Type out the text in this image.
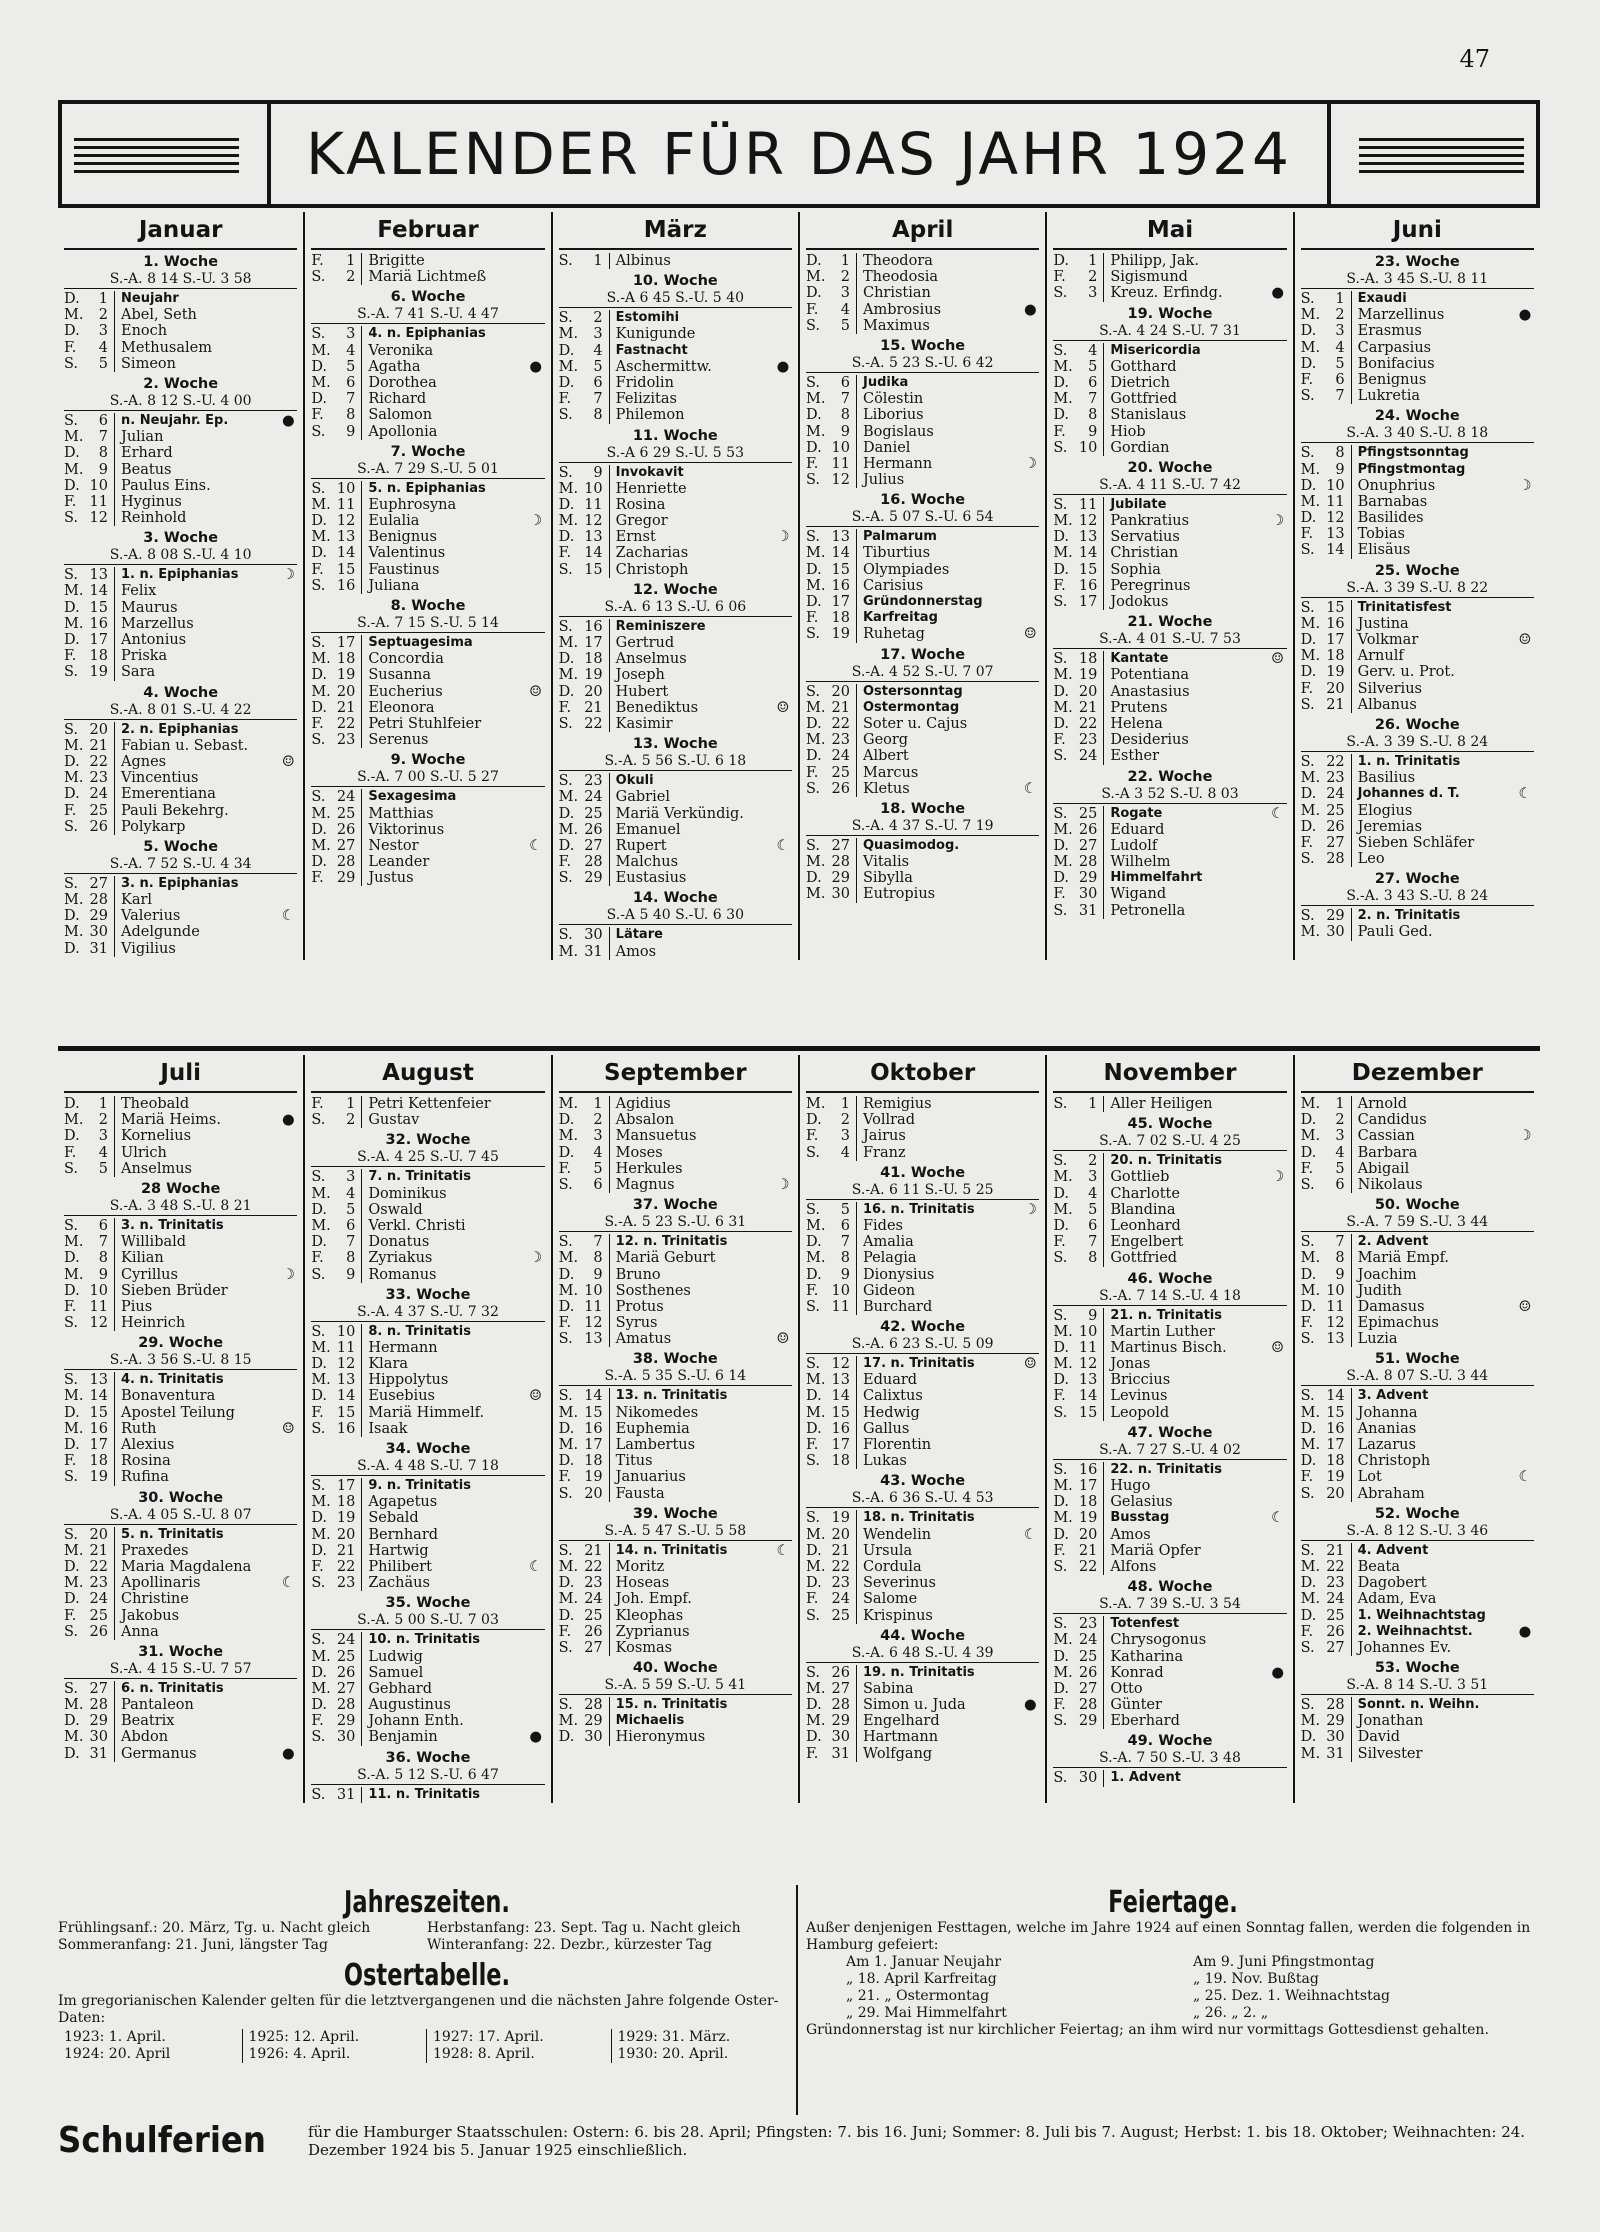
47
KALENDER FÜR DAS JAHR 1924
Januar
1. Woche
S.-A. 8 14 S.-U. 3 58
D.	1	Neujahr
M.	2 Abel, Seth
D.	3 Enoch
F.	4 Methusalem
S.	5 Simeon
2. Woche
S.-A. 8 12 S.-U. 4 00
S.	6	n. Neujahr. Ep.	●
M.	7 Julian
D.	8 Erhard
M.	9 Beatus
D. 10 Paulus Eins.
F. 11 Hyginus
S. 12 Reinhold
3. Woche
S.-A. 8 08 S.-U. 4 10
S. 13	1. n. Epiphanias	☽
M. 14 Felix
D. 15 Maurus
M. 16 Marzellus
D. 17 Antonius
F. 18 Priska
S. 19 Sara
4. Woche
S.-A. 8 01 S.-U. 4 22
S. 20	2. n. Epiphanias
M. 21 Fabian u. Sebast.
D. 22 Agnes	☺
M. 23 Vincentius
D. 24 Emerentiana
F. 25 Pauli Bekehrg.
S. 26 Polykarp
5. Woche
S.-A. 7 52 S.-U. 4 34
S. 27	3. n. Epiphanias
M. 28 Karl
D. 29 Valerius	☾
M. 30 Adelgunde
D. 31 Vigilius
Februar
F.	1 Brigitte
S.	2 Mariä Lichtmeß
6. Woche
S.-A. 7 41 S.-U. 4 47
S.	3	4. n. Epiphanias
M.	4 Veronika
D.	5 Agatha	●
M.	6 Dorothea
D.	7 Richard
F.	8 Salomon
S.	9 Apollonia
7. Woche
S.-A. 7 29 S.-U. 5 01
S. 10	5. n. Epiphanias
M. 11 Euphrosyna
D. 12 Eulalia	☽
M. 13 Benignus
D. 14 Valentinus
F. 15 Faustinus
S. 16 Juliana
8. Woche
S.-A. 7 15 S.-U. 5 14
S. 17	Septuagesima
M. 18 Concordia
D. 19 Susanna
M. 20 Eucherius	☺
D. 21 Eleonora
F. 22 Petri Stuhlfeier
S. 23 Serenus
9. Woche
S.-A. 7 00 S.-U. 5 27
S. 24	Sexagesima
M. 25 Matthias
D. 26 Viktorinus
M. 27 Nestor	☾
D. 28 Leander
F. 29 Justus
März
S.	1 Albinus
10. Woche
S.-A 6 45 S.-U. 5 40
S.	2	Estomihi
M.	3 Kunigunde
D.	4	Fastnacht
M.	5 Aschermittw.	●
D.	6 Fridolin
F.	7 Felizitas
S.	8 Philemon
11. Woche
S.-A 6 29 S.-U. 5 53
S.	9	Invokavit
M. 10 Henriette
D. 11 Rosina
M. 12 Gregor
D. 13 Ernst	☽
F. 14 Zacharias
S. 15 Christoph
12. Woche
S.-A. 6 13 S.-U. 6 06
S. 16	Reminiszere
M. 17 Gertrud
D. 18 Anselmus
M. 19 Joseph
D. 20 Hubert
F. 21 Benediktus	☺
S. 22 Kasimir
13. Woche
S.-A. 5 56 S.-U. 6 18
S. 23	Okuli
M. 24 Gabriel
D. 25 Mariä Verkündig.
M. 26 Emanuel
D. 27 Rupert	☾
F. 28 Malchus
S. 29 Eustasius
14. Woche
S.-A 5 40 S.-U. 6 30
S. 30	Lätare
M. 31 Amos
April
D.	1 Theodora
M.	2 Theodosia
D.	3 Christian
F.	4 Ambrosius	●
S.	5 Maximus
15. Woche
S.-A. 5 23 S.-U. 6 42
S.	6	Judika
M.	7 Cölestin
D.	8 Liborius
M.	9 Bogislaus
D. 10 Daniel
F. 11 Hermann	☽
S. 12 Julius
16. Woche
S.-A. 5 07 S.-U. 6 54
S. 13	Palmarum
M. 14 Tiburtius
D. 15 Olympiades
M. 16 Carisius
D. 17	Gründonnerstag
F. 18	Karfreitag
S. 19 Ruhetag	☺
17. Woche
S.-A. 4 52 S.-U. 7 07
S. 20	Ostersonntag
M. 21	Ostermontag
D. 22 Soter u. Cajus
M. 23 Georg
D. 24 Albert
F. 25 Marcus
S. 26 Kletus	☾
18. Woche
S.-A. 4 37 S.-U. 7 19
S. 27	Quasimodog.
M. 28 Vitalis
D. 29 Sibylla
M. 30 Eutropius
Mai
D.	1 Philipp, Jak.
F.	2 Sigismund
S.	3 Kreuz. Erfindg.	●
19. Woche
S.-A. 4 24 S.-U. 7 31
S.	4	Misericordia
M.	5 Gotthard
D.	6 Dietrich
M.	7 Gottfried
D.	8 Stanislaus
F.	9 Hiob
S. 10 Gordian
20. Woche
S.-A. 4 11 S.-U. 7 42
S. 11	Jubilate
M. 12 Pankratius	☽
D. 13 Servatius
M. 14 Christian
D. 15 Sophia
F. 16 Peregrinus
S. 17 Jodokus
21. Woche
S.-A. 4 01 S.-U. 7 53
S. 18	Kantate	☺
M. 19 Potentiana
D. 20 Anastasius
M. 21 Prutens
D. 22 Helena
F. 23 Desiderius
S. 24 Esther
22. Woche
S.-A 3 52 S.-U. 8 03
S. 25	Rogate	☾
M. 26 Eduard
D. 27 Ludolf
M. 28 Wilhelm
D. 29	Himmelfahrt
F. 30 Wigand
S. 31 Petronella
Juni
23. Woche
S.-A. 3 45 S.-U. 8 11
S.	1	Exaudi
M.	2 Marzellinus	●
D.	3 Erasmus
M.	4 Carpasius
D.	5 Bonifacius
F.	6 Benignus
S.	7 Lukretia
24. Woche
S.-A. 3 40 S.-U. 8 18
S.	8	Pfingstsonntag
M.	9	Pfingstmontag
D. 10 Onuphrius	☽
M. 11 Barnabas
D. 12 Basilides
F. 13 Tobias
S. 14 Elisäus
25. Woche
S.-A. 3 39 S.-U. 8 22
S. 15	Trinitatisfest
M. 16 Justina
D. 17 Volkmar	☺
M. 18 Arnulf
D. 19 Gerv. u. Prot.
F. 20 Silverius
S. 21 Albanus
26. Woche
S.-A. 3 39 S.-U. 8 24
S. 22	1. n. Trinitatis
M. 23 Basilius
D. 24	Johannes d. T.	☾
M. 25 Elogius
D. 26 Jeremias
F. 27 Sieben Schläfer
S. 28 Leo
27. Woche
S.-A. 3 43 S.-U. 8 24
S. 29	2. n. Trinitatis
M. 30 Pauli Ged.
Juli
D.	1 Theobald
M.	2 Mariä Heims.	●
D.	3 Kornelius
F.	4 Ulrich
S.	5 Anselmus
28 Woche
S.-A. 3 48 S.-U. 8 21
S.	6	3. n. Trinitatis
M.	7 Willibald
D.	8 Kilian
M.	9 Cyrillus	☽
D. 10 Sieben Brüder
F. 11 Pius
S. 12 Heinrich
29. Woche
S.-A. 3 56 S.-U. 8 15
S. 13	4. n. Trinitatis
M. 14 Bonaventura
D. 15 Apostel Teilung
M. 16 Ruth	☺
D. 17 Alexius
F. 18 Rosina
S. 19 Rufina
30. Woche
S.-A. 4 05 S.-U. 8 07
S. 20	5. n. Trinitatis
M. 21 Praxedes
D. 22 Maria Magdalena
M. 23 Apollinaris	☾
D. 24 Christine
F. 25 Jakobus
S. 26 Anna
31. Woche
S.-A. 4 15 S.-U. 7 57
S. 27	6. n. Trinitatis
M. 28 Pantaleon
D. 29 Beatrix
M. 30 Abdon
D. 31 Germanus	●
August
F.	1 Petri Kettenfeier
S.	2 Gustav
32. Woche
S.-A. 4 25 S.-U. 7 45
S.	3	7. n. Trinitatis
M.	4 Dominikus
D.	5 Oswald
M.	6 Verkl. Christi
D.	7 Donatus
F.	8 Zyriakus	☽
S.	9 Romanus
33. Woche
S.-A. 4 37 S.-U. 7 32
S. 10	8. n. Trinitatis
M. 11 Hermann
D. 12 Klara
M. 13 Hippolytus
D. 14 Eusebius	☺
F. 15 Mariä Himmelf.
S. 16 Isaak
34. Woche
S.-A. 4 48 S.-U. 7 18
S. 17	9. n. Trinitatis
M. 18 Agapetus
D. 19 Sebald
M. 20 Bernhard
D. 21 Hartwig
F. 22 Philibert	☾
S. 23 Zachäus
35. Woche
S.-A. 5 00 S.-U. 7 03
S. 24	10. n. Trinitatis
M. 25 Ludwig
D. 26 Samuel
M. 27 Gebhard
D. 28 Augustinus
F. 29 Johann Enth.
S. 30 Benjamin	●
36. Woche
S.-A. 5 12 S.-U. 6 47
S. 31	11. n. Trinitatis
September
M.	1 Ägidius
D.	2 Absalon
M.	3 Mansuetus
D.	4 Moses
F.	5 Herkules
S.	6 Magnus	☽
37. Woche
S.-A. 5 23 S.-U. 6 31
S.	7	12. n. Trinitatis
M.	8 Mariä Geburt
D.	9 Bruno
M. 10 Sosthenes
D. 11 Protus
F. 12 Syrus
S. 13 Amatus	☺
38. Woche
S.-A. 5 35 S.-U. 6 14
S. 14	13. n. Trinitatis
M. 15 Nikomedes
D. 16 Euphemia
M. 17 Lambertus
D. 18 Titus
F. 19 Januarius
S. 20 Fausta
39. Woche
S.-A. 5 47 S.-U. 5 58
S. 21	14. n. Trinitatis	☾
M. 22 Moritz
D. 23 Hoseas
M. 24 Joh. Empf.
D. 25 Kleophas
F. 26 Zyprianus
S. 27 Kosmas
40. Woche
S.-A. 5 59 S.-U. 5 41
S. 28	15. n. Trinitatis
M. 29	Michaelis
D. 30 Hieronymus
Oktober
M.	1 Remigius
D.	2 Vollrad
F.	3 Jairus
S.	4 Franz
41. Woche
S.-A. 6 11 S.-U. 5 25
S.	5	16. n. Trinitatis	☽
M.	6 Fides
D.	7 Amalia
M.	8 Pelagia
D.	9 Dionysius
F. 10 Gideon
S. 11 Burchard
42. Woche
S.-A. 6 23 S.-U. 5 09
S. 12	17. n. Trinitatis	☺
M. 13 Eduard
D. 14 Calixtus
M. 15 Hedwig
D. 16 Gallus
F. 17 Florentin
S. 18 Lukas
43. Woche
S.-A. 6 36 S.-U. 4 53
S. 19	18. n. Trinitatis
M. 20 Wendelin	☾
D. 21 Ursula
M. 22 Cordula
D. 23 Severinus
F. 24 Salome
S. 25 Krispinus
44. Woche
S.-A. 6 48 S.-U. 4 39
S. 26	19. n. Trinitatis
M. 27 Sabina
D. 28 Simon u. Juda	●
M. 29 Engelhard
D. 30 Hartmann
F. 31 Wolfgang
November
S.	1 Aller Heiligen
45. Woche
S.-A. 7 02 S.-U. 4 25
S.	2	20. n. Trinitatis
M.	3 Gottlieb	☽
D.	4 Charlotte
M.	5 Blandina
D.	6 Leonhard
F.	7 Engelbert
S.	8 Gottfried
46. Woche
S.-A. 7 14 S.-U. 4 18
S.	9	21. n. Trinitatis
M. 10 Martin Luther
D. 11 Martinus Bisch.	☺
M. 12 Jonas
D. 13 Briccius
F. 14 Levinus
S. 15 Leopold
47. Woche
S.-A. 7 27 S.-U. 4 02
S. 16	22. n. Trinitatis
M. 17 Hugo
D. 18 Gelasius
M. 19	Busstag	☾
D. 20 Amos
F. 21 Mariä Opfer
S. 22 Alfons
48. Woche
S.-A. 7 39 S.-U. 3 54
S. 23	Totenfest
M. 24 Chrysogonus
D. 25 Katharina
M. 26 Konrad	●
D. 27 Otto
F. 28 Günter
S. 29 Eberhard
49. Woche
S.-A. 7 50 S.-U. 3 48
S. 30	1. Advent
Dezember
M.	1 Arnold
D.	2 Candidus
M.	3 Cassian	☽
D.	4 Barbara
F.	5 Abigail
S.	6 Nikolaus
50. Woche
S.-A. 7 59 S.-U. 3 44
S.	7	2. Advent
M.	8 Mariä Empf.
D.	9 Joachim
M. 10 Judith
D. 11 Damasus	☺
F. 12 Epimachus
S. 13 Luzia
51. Woche
S.-A. 8 07 S.-U. 3 44
S. 14	3. Advent
M. 15 Johanna
D. 16 Ananias
M. 17 Lazarus
D. 18 Christoph
F. 19 Lot	☾
S. 20 Abraham
52. Woche
S.-A. 8 12 S.-U. 3 46
S. 21	4. Advent
M. 22 Beata
D. 23 Dagobert
M. 24 Adam, Eva
D. 25	1. Weihnachtstag
F. 26	2. Weihnachtst.	●
S. 27 Johannes Ev.
53. Woche
S.-A. 8 14 S.-U. 3 51
S. 28	Sonnt. n. Weihn.
M. 29 Jonathan
D. 30 David
M. 31 Silvester
Jahreszeiten.
Frühlingsanf.: 20. März, Tg. u. Nacht gleich	Herbstanfang: 23. Sept. Tag u. Nacht gleich
Sommeranfang: 21. Juni, längster Tag	Winteranfang: 22. Dezbr., kürzester Tag
Ostertabelle.
Im gregorianischen Kalender gelten für die letztvergangenen und die nächsten Jahre folgende Oster-Daten:
1923: 1. April.	1925: 12. April.	1927: 17. April.	1929: 31. März.
1924: 20. April	1926: 4. April.	1928: 8. April.	1930: 20. April.
Feiertage.
Außer denjenigen Festtagen, welche im Jahre 1924 auf einen Sonntag fallen, werden die folgenden in Hamburg gefeiert:
Am 1. Januar Neujahr	Am 9. Juni Pfingstmontag
„ 18. April Karfreitag	„ 19. Nov. Bußtag
„ 21. „ Ostermontag	„ 25. Dez. 1. Weihnachtstag
„ 29. Mai Himmelfahrt	„ 26. „ 2. „
Gründonnerstag ist nur kirchlicher Feiertag; an ihm wird nur vormittags Gottesdienst gehalten.
Schulferien	für die Hamburger Staatsschulen: Ostern: 6. bis 28. April; Pfingsten: 7. bis 16. Juni; Sommer: 8. Juli bis 7. August; Herbst: 1. bis 18. Oktober; Weihnachten: 24. Dezember 1924 bis 5. Januar 1925 einschließlich.
